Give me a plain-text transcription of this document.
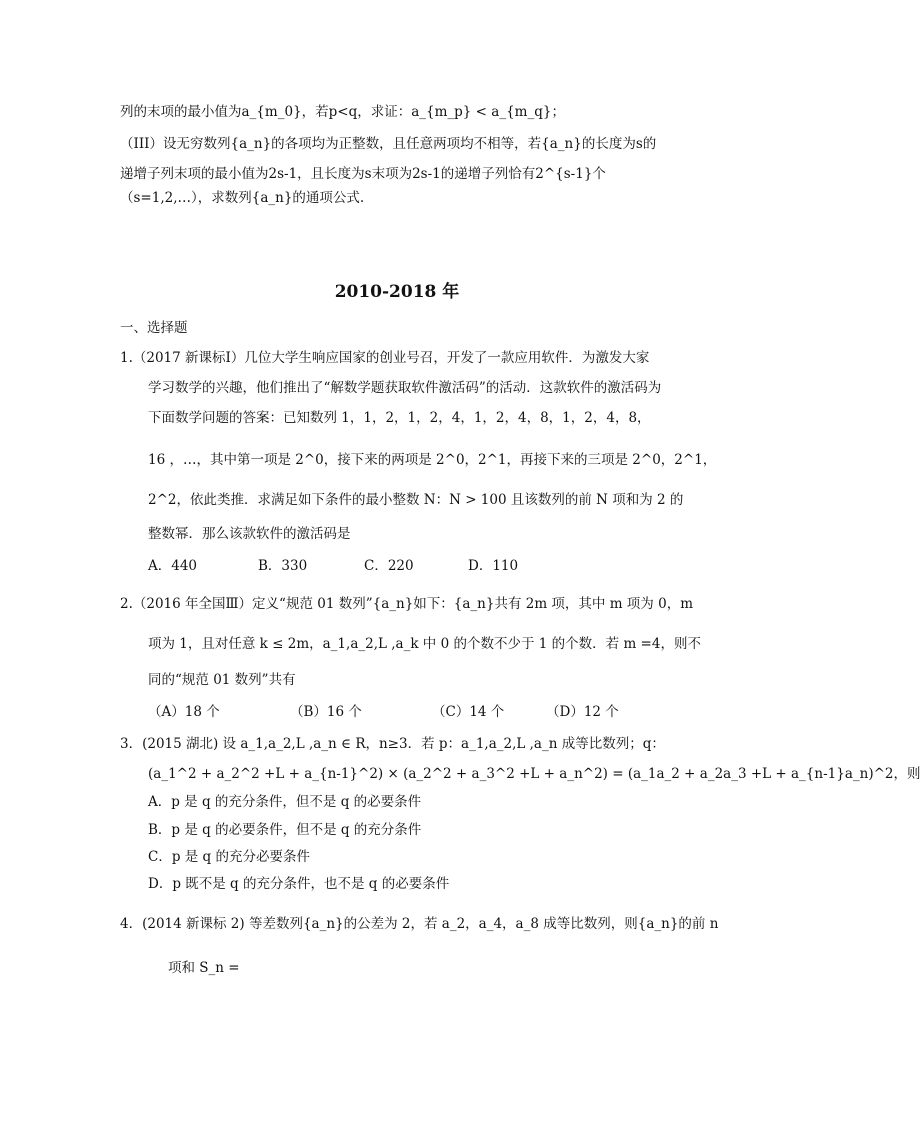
列的末项的最小值为a_{m_0}，若p<q，求证：a_{m_p} < a_{m_q}；
（III）设无穷数列{a_n}的各项均为正整数，且任意两项均不相等，若{a_n}的长度为s的
递增子列末项的最小值为2s-1，且长度为s末项为2s-1的递增子列恰有2^{s-1}个
（s=1,2,…），求数列{a_n}的通项公式.
2010-2018 年
一、选择题
1.（2017 新课标Ⅰ）几位大学生响应国家的创业号召，开发了一款应用软件．为激发大家
学习数学的兴趣，他们推出了“解数学题获取软件激活码”的活动．这款软件的激活码为
下面数学问题的答案：已知数列 1，1，2，1，2，4，1，2，4，8，1，2，4，8，
16 ，…，其中第一项是 2^0，接下来的两项是 2^0，2^1，再接下来的三项是 2^0，2^1，
2^2，依此类推．求满足如下条件的最小整数 N：N > 100 且该数列的前 N 项和为 2 的
整数幂．那么该款软件的激活码是
A．440	B．330	C．220	D．110
2.（2016 年全国Ⅲ）定义“规范 01 数列”{a_n}如下：{a_n}共有 2m 项，其中 m 项为 0，m
项为 1，且对任意 k ≤ 2m，a_1,a_2,L ,a_k 中 0 的个数不少于 1 的个数．若 m =4，则不
同的“规范 01 数列”共有
（A）18 个	（B）16 个	（C）14 个	（D）12 个
3．(2015 湖北) 设 a_1,a_2,L ,a_n ∈ R，n≥3．若 p：a_1,a_2,L ,a_n 成等比数列；q：
(a_1^2 + a_2^2 +L + a_{n-1}^2) × (a_2^2 + a_3^2 +L + a_n^2) = (a_1a_2 + a_2a_3 +L + a_{n-1}a_n)^2，则
A．p 是 q 的充分条件，但不是 q 的必要条件
B．p 是 q 的必要条件，但不是 q 的充分条件
C．p 是 q 的充分必要条件
D．p 既不是 q 的充分条件，也不是 q 的必要条件
4．(2014 新课标 2) 等差数列{a_n}的公差为 2，若 a_2，a_4，a_8 成等比数列，则{a_n}的前 n
项和 S_n =
